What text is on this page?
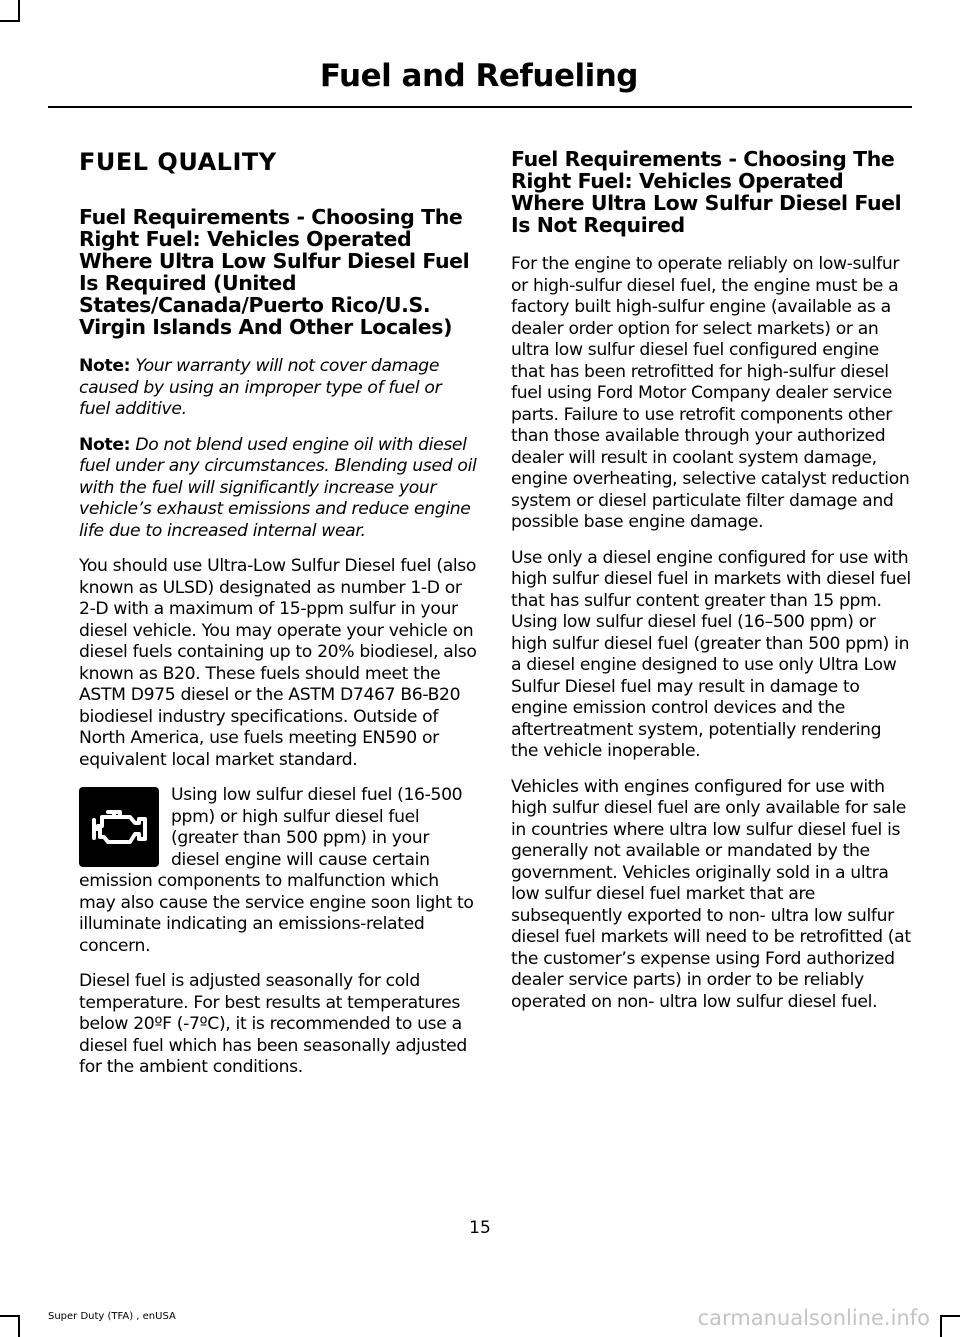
Fuel and Refueling
FUEL QUALITY
Fuel Requirements - Choosing The Right Fuel: Vehicles Operated Where Ultra Low Sulfur Diesel Fuel Is Required (United States/Canada/Puerto Rico/U.S. Virgin Islands And Other Locales)

Note: Your warranty will not cover damage caused by using an improper type of fuel or fuel additive.

Note: Do not blend used engine oil with diesel fuel under any circumstances. Blending used oil with the fuel will significantly increase your vehicle’s exhaust emissions and reduce engine life due to increased internal wear.

You should use Ultra-Low Sulfur Diesel fuel (also known as ULSD) designated as number 1-D or 2-D with a maximum of 15-ppm sulfur in your diesel vehicle. You may operate your vehicle on diesel fuels containing up to 20% biodiesel, also known as B20. These fuels should meet the ASTM D975 diesel or the ASTM D7467 B6-B20 biodiesel industry specifications. Outside of North America, use fuels meeting EN590 or equivalent local market standard.

Using low sulfur diesel fuel (16-500 ppm) or high sulfur diesel fuel (greater than 500 ppm) in your diesel engine will cause certain emission components to malfunction which may also cause the service engine soon light to illuminate indicating an emissions-related concern.

Diesel fuel is adjusted seasonally for cold temperature. For best results at temperatures below 20ºF (-7ºC), it is recommended to use a diesel fuel which has been seasonally adjusted for the ambient conditions.

Fuel Requirements - Choosing The Right Fuel: Vehicles Operated Where Ultra Low Sulfur Diesel Fuel Is Not Required

For the engine to operate reliably on low-sulfur or high-sulfur diesel fuel, the engine must be a factory built high-sulfur engine (available as a dealer order option for select markets) or an ultra low sulfur diesel fuel configured engine that has been retrofitted for high-sulfur diesel fuel using Ford Motor Company dealer service parts. Failure to use retrofit components other than those available through your authorized dealer will result in coolant system damage, engine overheating, selective catalyst reduction system or diesel particulate filter damage and possible base engine damage.

Use only a diesel engine configured for use with high sulfur diesel fuel in markets with diesel fuel that has sulfur content greater than 15 ppm. Using low sulfur diesel fuel (16–500 ppm) or high sulfur diesel fuel (greater than 500 ppm) in a diesel engine designed to use only Ultra Low Sulfur Diesel fuel may result in damage to engine emission control devices and the aftertreatment system, potentially rendering the vehicle inoperable.

Vehicles with engines configured for use with high sulfur diesel fuel are only available for sale in countries where ultra low sulfur diesel fuel is generally not available or mandated by the government. Vehicles originally sold in a ultra low sulfur diesel fuel market that are subsequently exported to non- ultra low sulfur diesel fuel markets will need to be retrofitted (at the customer’s expense using Ford authorized dealer service parts) in order to be reliably operated on non- ultra low sulfur diesel fuel.

15
Super Duty (TFA) , enUSA	carmanualsonline.info
